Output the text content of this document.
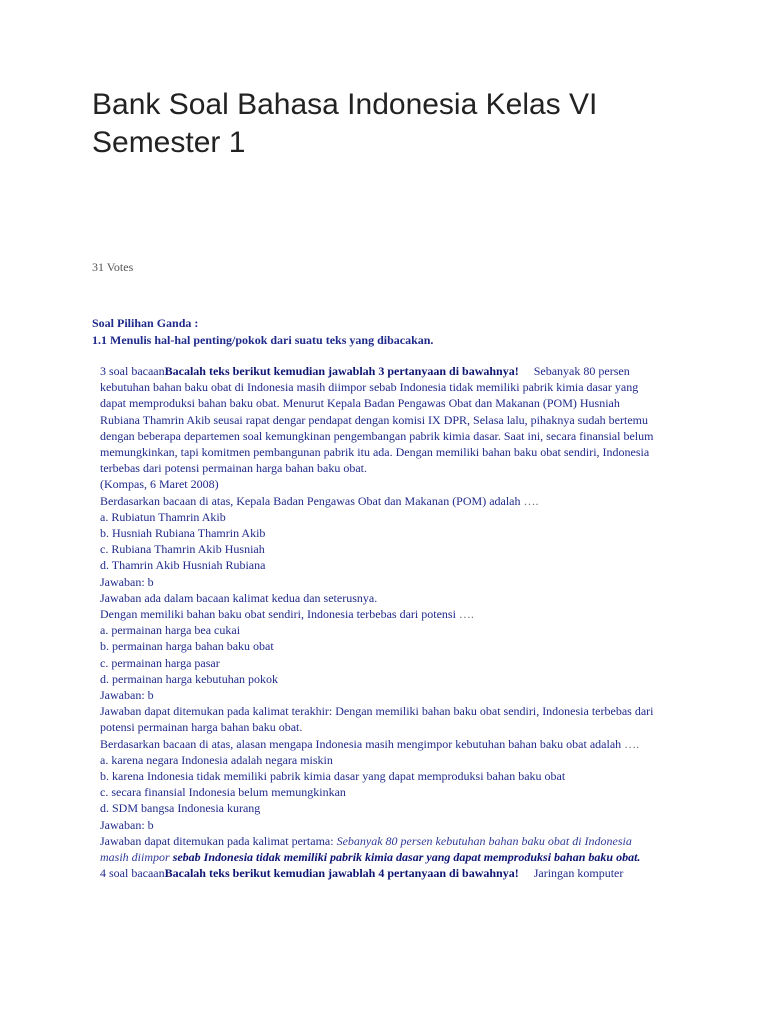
Bank Soal Bahasa Indonesia Kelas VI Semester 1
31 Votes
Soal Pilihan Ganda :
1.1 Menulis hal-hal penting/pokok dari suatu teks yang dibacakan.

3 soal bacaanBacalah teks berikut kemudian jawablah 3 pertanyaan di bawahnya! Sebanyak 80 persen kebutuhan bahan baku obat di Indonesia masih diimpor sebab Indonesia tidak memiliki pabrik kimia dasar yang dapat memproduksi bahan baku obat. Menurut Kepala Badan Pengawas Obat dan Makanan (POM) Husniah Rubiana Thamrin Akib seusai rapat dengar pendapat dengan komisi IX DPR, Selasa lalu, pihaknya sudah bertemu dengan beberapa departemen soal kemungkinan pengembangan pabrik kimia dasar. Saat ini, secara finansial belum memungkinkan, tapi komitmen pembangunan pabrik itu ada. Dengan memiliki bahan baku obat sendiri, Indonesia terbebas dari potensi permainan harga bahan baku obat.
(Kompas, 6 Maret 2008)

Berdasarkan bacaan di atas, Kepala Badan Pengawas Obat dan Makanan (POM) adalah ….
a. Rubiatun Thamrin Akib
b. Husniah Rubiana Thamrin Akib
c. Rubiana Thamrin Akib Husniah
d. Thamrin Akib Husniah Rubiana
Jawaban: b
Jawaban ada dalam bacaan kalimat kedua dan seterusnya.
Dengan memiliki bahan baku obat sendiri, Indonesia terbebas dari potensi ….
a. permainan harga bea cukai
b. permainan harga bahan baku obat
c. permainan harga pasar
d. permainan harga kebutuhan pokok
Jawaban: b
Jawaban dapat ditemukan pada kalimat terakhir: Dengan memiliki bahan baku obat sendiri, Indonesia terbebas dari potensi permainan harga bahan baku obat.
Berdasarkan bacaan di atas, alasan mengapa Indonesia masih mengimpor kebutuhan bahan baku obat adalah ….
a. karena negara Indonesia adalah negara miskin
b. karena Indonesia tidak memiliki pabrik kimia dasar yang dapat memproduksi bahan baku obat
c. secara finansial Indonesia belum memungkinkan
d. SDM bangsa Indonesia kurang
Jawaban: b
Jawaban dapat ditemukan pada kalimat pertama: Sebanyak 80 persen kebutuhan bahan baku obat di Indonesia masih diimpor sebab Indonesia tidak memiliki pabrik kimia dasar yang dapat memproduksi bahan baku obat.

4 soal bacaanBacalah teks berikut kemudian jawablah 4 pertanyaan di bawahnya! Jaringan komputer
